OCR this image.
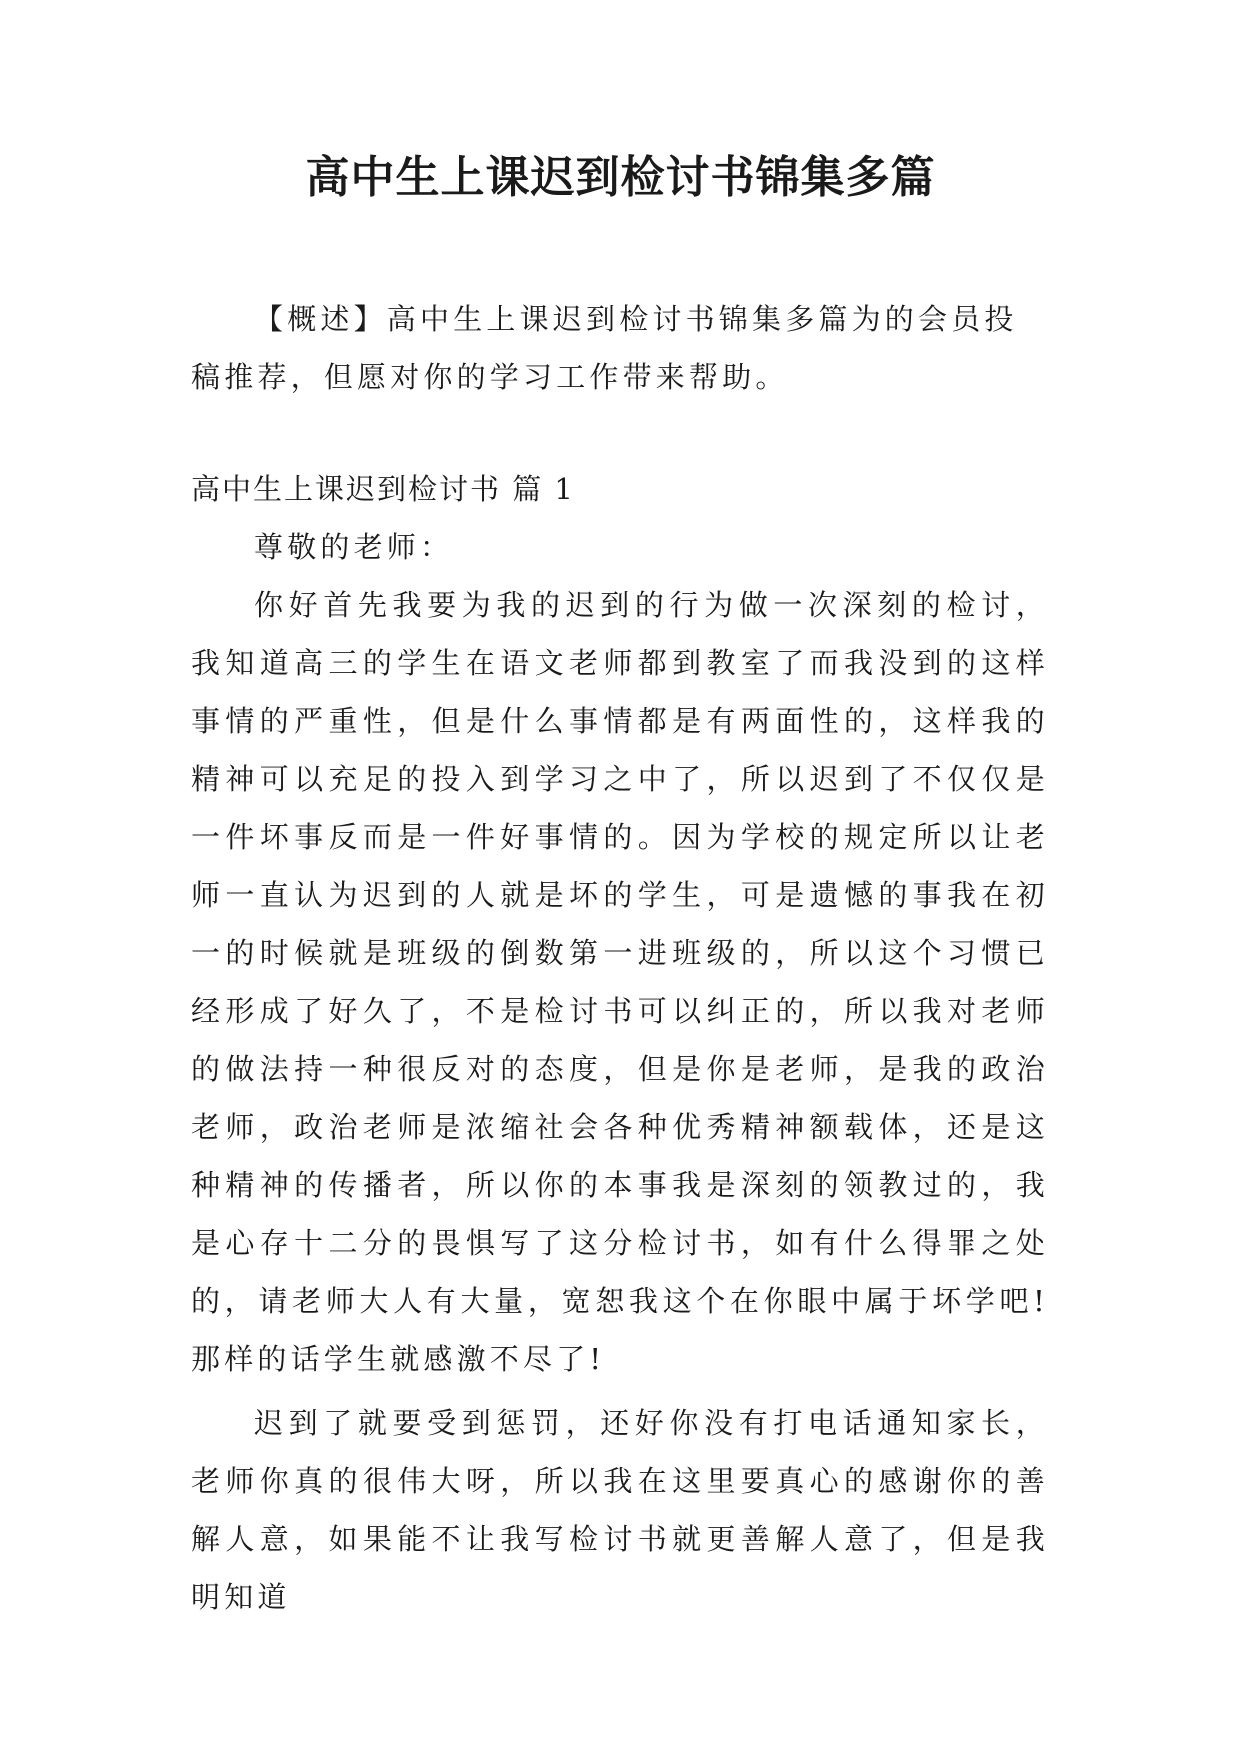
高中生上课迟到检讨书锦集多篇

【概述】高中生上课迟到检讨书锦集多篇为的会员投稿推荐，但愿对你的学习工作带来帮助。

高中生上课迟到检讨书 篇 1

尊敬的老师：

你好首先我要为我的迟到的行为做一次深刻的检讨，我知道高三的学生在语文老师都到教室了而我没到的这样事情的严重性，但是什么事情都是有两面性的，这样我的精神可以充足的投入到学习之中了，所以迟到了不仅仅是一件坏事反而是一件好事情的。因为学校的规定所以让老师一直认为迟到的人就是坏的学生，可是遗憾的事我在初一的时候就是班级的倒数第一进班级的，所以这个习惯已经形成了好久了，不是检讨书可以纠正的，所以我对老师的做法持一种很反对的态度，但是你是老师，是我的政治老师，政治老师是浓缩社会各种优秀精神额载体，还是这种精神的传播者，所以你的本事我是深刻的领教过的，我是心存十二分的畏惧写了这分检讨书，如有什么得罪之处的，请老师大人有大量，宽恕我这个在你眼中属于坏学吧!那样的话学生就感激不尽了!

迟到了就要受到惩罚，还好你没有打电话通知家长，老师你真的很伟大呀，所以我在这里要真心的感谢你的善解人意，如果能不让我写检讨书就更善解人意了，但是我明知道
